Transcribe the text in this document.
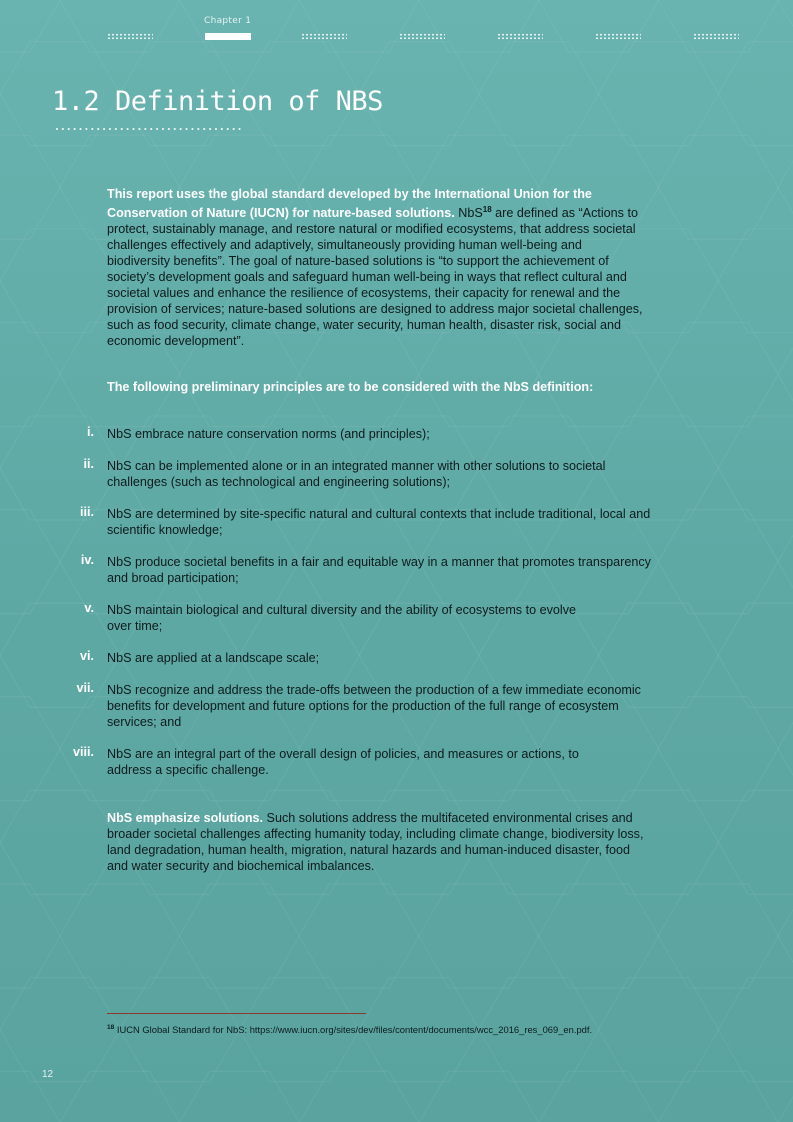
Chapter 1
1.2 Definition of NBS

This report uses the global standard developed by the International Union for the Conservation of Nature (IUCN) for nature-based solutions. NbS$^{18}$ are defined as “Actions to protect, sustainably manage, and restore natural or modified ecosystems, that address societal challenges effectively and adaptively, simultaneously providing human well-being and biodiversity benefits”. The goal of nature-based solutions is “to support the achievement of society’s development goals and safeguard human well-being in ways that reflect cultural and societal values and enhance the resilience of ecosystems, their capacity for renewal and the provision of services; nature-based solutions are designed to address major societal challenges, such as food security, climate change, water security, human health, disaster risk, social and economic development”.

The following preliminary principles are to be considered with the NbS definition:

i. NbS embrace nature conservation norms (and principles);
ii. NbS can be implemented alone or in an integrated manner with other solutions to societal challenges (such as technological and engineering solutions);
iii. NbS are determined by site-specific natural and cultural contexts that include traditional, local and scientific knowledge;
iv. NbS produce societal benefits in a fair and equitable way in a manner that promotes transparency and broad participation;
v. NbS maintain biological and cultural diversity and the ability of ecosystems to evolve over time;
vi. NbS are applied at a landscape scale;
vii. NbS recognize and address the trade-offs between the production of a few immediate economic benefits for development and future options for the production of the full range of ecosystem services; and
viii. NbS are an integral part of the overall design of policies, and measures or actions, to address a specific challenge.

NbS emphasize solutions. Such solutions address the multifaceted environmental crises and broader societal challenges affecting humanity today, including climate change, biodiversity loss, land degradation, human health, migration, natural hazards and human-induced disaster, food and water security and biochemical imbalances.

$^{18}$ IUCN Global Standard for NbS: https://www.iucn.org/sites/dev/files/content/documents/wcc_2016_res_069_en.pdf.
12
